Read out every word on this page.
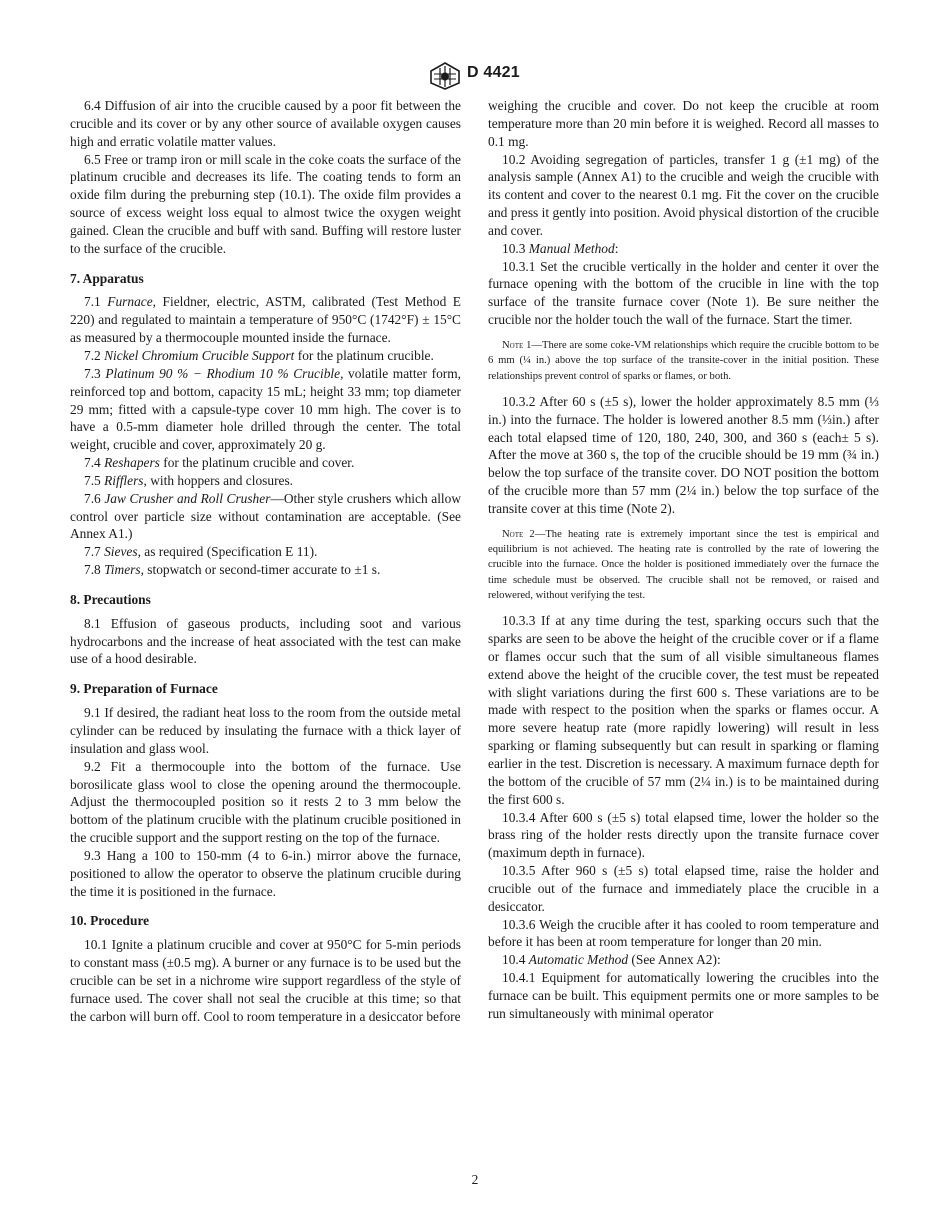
D 4421

6.4 Diffusion of air into the crucible caused by a poor fit between the crucible and its cover or by any other source of available oxygen causes high and erratic volatile matter values.

6.5 Free or tramp iron or mill scale in the coke coats the surface of the platinum crucible and decreases its life. The coating tends to form an oxide film during the preburning step (10.1). The oxide film provides a source of excess weight loss equal to almost twice the oxygen weight gained. Clean the crucible and buff with sand. Buffing will restore luster to the surface of the crucible.

7. Apparatus

7.1 Furnace, Fieldner, electric, ASTM, calibrated (Test Method E 220) and regulated to maintain a temperature of 950°C (1742°F) ± 15°C as measured by a thermocouple mounted inside the furnace.

7.2 Nickel Chromium Crucible Support for the platinum crucible.

7.3 Platinum 90 % − Rhodium 10 % Crucible, volatile matter form, reinforced top and bottom, capacity 15 mL; height 33 mm; top diameter 29 mm; fitted with a capsule-type cover 10 mm high. The cover is to have a 0.5-mm diameter hole drilled through the center. The total weight, crucible and cover, approximately 20 g.

7.4 Reshapers for the platinum crucible and cover.

7.5 Rifflers, with hoppers and closures.

7.6 Jaw Crusher and Roll Crusher—Other style crushers which allow control over particle size without contamination are acceptable. (See Annex A1.)

7.7 Sieves, as required (Specification E 11).

7.8 Timers, stopwatch or second-timer accurate to ±1 s.

8. Precautions

8.1 Effusion of gaseous products, including soot and various hydrocarbons and the increase of heat associated with the test can make use of a hood desirable.

9. Preparation of Furnace

9.1 If desired, the radiant heat loss to the room from the outside metal cylinder can be reduced by insulating the furnace with a thick layer of insulation and glass wool.

9.2 Fit a thermocouple into the bottom of the furnace. Use borosilicate glass wool to close the opening around the thermocouple. Adjust the thermocoupled position so it rests 2 to 3 mm below the bottom of the platinum crucible with the platinum crucible positioned in the crucible support and the support resting on the top of the furnace.

9.3 Hang a 100 to 150-mm (4 to 6-in.) mirror above the furnace, positioned to allow the operator to observe the platinum crucible during the time it is positioned in the furnace.

10. Procedure

10.1 Ignite a platinum crucible and cover at 950°C for 5-min periods to constant mass (±0.5 mg). A burner or any furnace is to be used but the crucible can be set in a nichrome wire support regardless of the style of furnace used. The cover shall not seal the crucible at this time; so that the carbon will burn off. Cool to room temperature in a desiccator before

weighing the crucible and cover. Do not keep the crucible at room temperature more than 20 min before it is weighed. Record all masses to 0.1 mg.

10.2 Avoiding segregation of particles, transfer 1 g (±1 mg) of the analysis sample (Annex A1) to the crucible and weigh the crucible with its content and cover to the nearest 0.1 mg. Fit the cover on the crucible and press it gently into position. Avoid physical distortion of the crucible and cover.

10.3 Manual Method:

10.3.1 Set the crucible vertically in the holder and center it over the furnace opening with the bottom of the crucible in line with the top surface of the transite furnace cover (Note 1). Be sure neither the crucible nor the holder touch the wall of the furnace. Start the timer.

Note 1—There are some coke-VM relationships which require the crucible bottom to be 6 mm (¼ in.) above the top surface of the transite-cover in the initial position. These relationships prevent control of sparks or flames, or both.

10.3.2 After 60 s (±5 s), lower the holder approximately 8.5 mm (⅓ in.) into the furnace. The holder is lowered another 8.5 mm (⅓in.) after each total elapsed time of 120, 180, 240, 300, and 360 s (each± 5 s). After the move at 360 s, the top of the crucible should be 19 mm (¾ in.) below the top surface of the transite cover. DO NOT position the bottom of the crucible more than 57 mm (2¼ in.) below the top surface of the transite cover at this time (Note 2).

Note 2—The heating rate is extremely important since the test is empirical and equilibrium is not achieved. The heating rate is controlled by the rate of lowering the crucible into the furnace. Once the holder is positioned immediately over the furnace the time schedule must be observed. The crucible shall not be removed, or raised and relowered, without verifying the test.

10.3.3 If at any time during the test, sparking occurs such that the sparks are seen to be above the height of the crucible cover or if a flame or flames occur such that the sum of all visible simultaneous flames extend above the height of the crucible cover, the test must be repeated with slight variations during the first 600 s. These variations are to be made with respect to the position when the sparks or flames occur. A more severe heatup rate (more rapidly lowering) will result in less sparking or flaming subsequently but can result in sparking or flaming earlier in the test. Discretion is necessary. A maximum furnace depth for the bottom of the crucible of 57 mm (2¼ in.) is to be maintained during the first 600 s.

10.3.4 After 600 s (±5 s) total elapsed time, lower the holder so the brass ring of the holder rests directly upon the transite furnace cover (maximum depth in furnace).

10.3.5 After 960 s (±5 s) total elapsed time, raise the holder and crucible out of the furnace and immediately place the crucible in a desiccator.

10.3.6 Weigh the crucible after it has cooled to room temperature and before it has been at room temperature for longer than 20 min.

10.4 Automatic Method (See Annex A2):

10.4.1 Equipment for automatically lowering the crucibles into the furnace can be built. This equipment permits one or more samples to be run simultaneously with minimal operator

2
